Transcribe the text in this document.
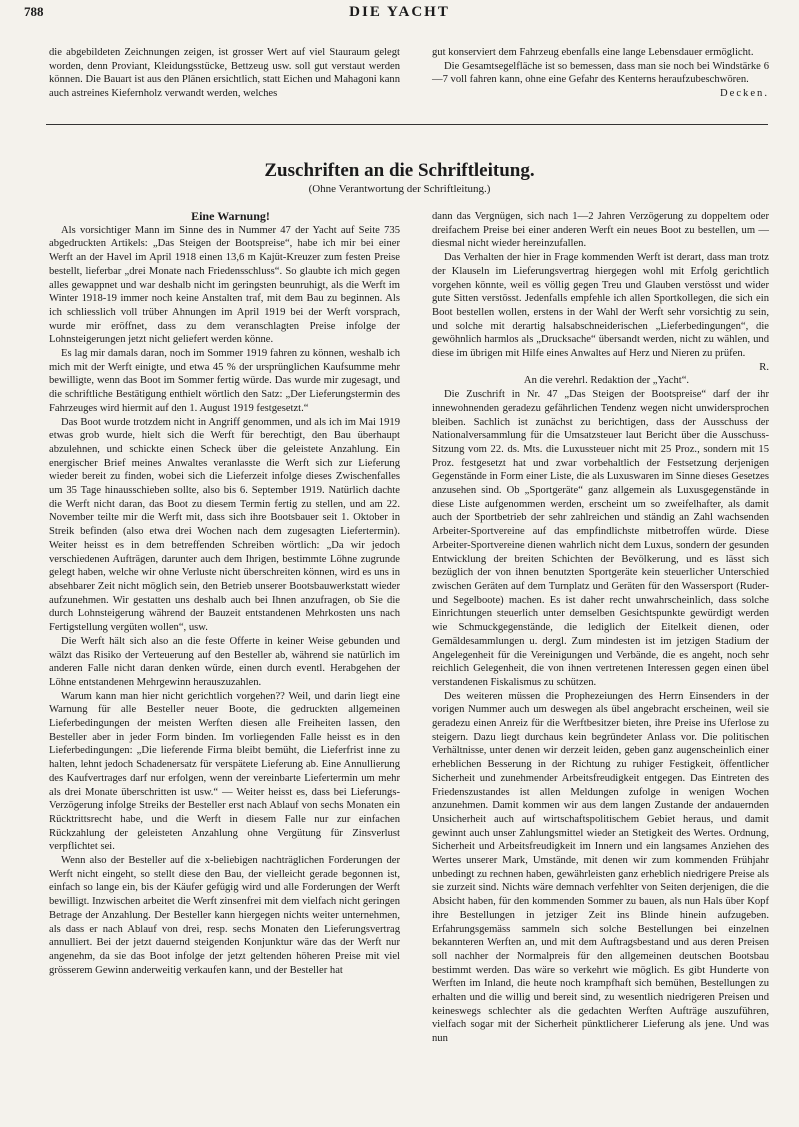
788	DIE YACHT

die abgebildeten Zeichnungen zeigen, ist grosser Wert auf viel Stauraum gelegt worden, denn Proviant, Kleidungsstücke, Bettzeug usw. soll gut verstaut werden können. Die Bauart ist aus den Plänen ersichtlich, statt Eichen und Mahagoni kann auch astreines Kiefernholz verwandt werden, welches

gut konserviert dem Fahrzeug ebenfalls eine lange Lebensdauer ermöglicht.

Die Gesamtsegelfläche ist so bemessen, dass man sie noch bei Windstärke 6—7 voll fahren kann, ohne eine Gefahr des Kenterns heraufzubeschwören.

Decken.

Zuschriften an die Schriftleitung.
(Ohne Verantwortung der Schriftleitung.)

Eine Warnung!

Als vorsichtiger Mann im Sinne des in Nummer 47 der Yacht auf Seite 735 abgedruckten Artikels: „Das Steigen der Bootspreise“, habe ich mir bei einer Werft an der Havel im April 1918 einen 13,6 m Kajüt-Kreuzer zum festen Preise bestellt, lieferbar „drei Monate nach Friedensschluss“. So glaubte ich mich gegen alles gewappnet und war deshalb nicht im geringsten beunruhigt, als die Werft im Winter 1918-19 immer noch keine Anstalten traf, mit dem Bau zu beginnen. Als ich schliesslich voll trüber Ahnungen im April 1919 bei der Werft vorsprach, wurde mir eröffnet, dass zu dem veranschlagten Preise infolge der Lohnsteigerungen jetzt nicht geliefert werden könne.

Es lag mir damals daran, noch im Sommer 1919 fahren zu können, weshalb ich mich mit der Werft einigte, und etwa 45 % der ursprünglichen Kaufsumme mehr bewilligte, wenn das Boot im Sommer fertig würde. Das wurde mir zugesagt, und die schriftliche Bestätigung enthielt wörtlich den Satz: „Der Lieferungstermin des Fahrzeuges wird hiermit auf den 1. August 1919 festgesetzt.“

Das Boot wurde trotzdem nicht in Angriff genommen, und als ich im Mai 1919 etwas grob wurde, hielt sich die Werft für berechtigt, den Bau überhaupt abzulehnen, und schickte einen Scheck über die geleistete Anzahlung. Ein energischer Brief meines Anwaltes veranlasste die Werft sich zur Lieferung wieder bereit zu finden, wobei sich die Lieferzeit infolge dieses Zwischenfalles um 35 Tage hinausschieben sollte, also bis 6. September 1919. Natürlich dachte die Werft nicht daran, das Boot zu diesem Termin fertig zu stellen, und am 22. November teilte mir die Werft mit, dass sich ihre Bootsbauer seit 1. Oktober in Streik befinden (also etwa drei Wochen nach dem zugesagten Liefertermin). Weiter heisst es in dem betreffenden Schreiben wörtlich: „Da wir jedoch verschiedenen Aufträgen, darunter auch dem Ihrigen, bestimmte Löhne zugrunde gelegt haben, welche wir ohne Verluste nicht überschreiten können, wird es uns in absehbarer Zeit nicht möglich sein, den Betrieb unserer Bootsbauwerkstatt wieder aufzunehmen. Wir gestatten uns deshalb auch bei Ihnen anzufragen, ob Sie die durch Lohnsteigerung während der Bauzeit entstandenen Mehrkosten uns nach Fertigstellung vergüten wollen“, usw.

Die Werft hält sich also an die feste Offerte in keiner Weise gebunden und wälzt das Risiko der Verteuerung auf den Besteller ab, während sie natürlich im anderen Falle nicht daran denken würde, einen durch eventl. Herabgehen der Löhne entstandenen Mehrgewinn herauszuzahlen.

Warum kann man hier nicht gerichtlich vorgehen?? Weil, und darin liegt eine Warnung für alle Besteller neuer Boote, die gedruckten allgemeinen Lieferbedingungen der meisten Werften diesen alle Freiheiten lassen, den Besteller aber in jeder Form binden. Im vorliegenden Falle heisst es in den Lieferbedingungen: „Die lieferende Firma bleibt bemüht, die Lieferfrist inne zu halten, lehnt jedoch Schadenersatz für verspätete Lieferung ab. Eine Annullierung des Kaufvertrages darf nur erfolgen, wenn der vereinbarte Liefertermin um mehr als drei Monate überschritten ist usw.“ — Weiter heisst es, dass bei Lieferungs-Verzögerung infolge Streiks der Besteller erst nach Ablauf von sechs Monaten ein Rücktrittsrecht habe, und die Werft in diesem Falle nur zur einfachen Rückzahlung der geleisteten Anzahlung ohne Vergütung für Zinsverlust verpflichtet sei.

Wenn also der Besteller auf die x-beliebigen nachträglichen Forderungen der Werft nicht eingeht, so stellt diese den Bau, der vielleicht gerade begonnen ist, einfach so lange ein, bis der Käufer gefügig wird und alle Forderungen der Werft bewilligt. Inzwischen arbeitet die Werft zinsenfrei mit dem vielfach nicht geringen Betrage der Anzahlung. Der Besteller kann hiergegen nichts weiter unternehmen, als dass er nach Ablauf von drei, resp. sechs Monaten den Lieferungsvertrag annulliert. Bei der jetzt dauernd steigenden Konjunktur wäre das der Werft nur angenehm, da sie das Boot infolge der jetzt geltenden höheren Preise mit viel grösserem Gewinn anderweitig verkaufen kann, und der Besteller hat

dann das Vergnügen, sich nach 1—2 Jahren Verzögerung zu doppeltem oder dreifachem Preise bei einer anderen Werft ein neues Boot zu bestellen, um — diesmal nicht wieder hereinzufallen.

Das Verhalten der hier in Frage kommenden Werft ist derart, dass man trotz der Klauseln im Lieferungsvertrag hiergegen wohl mit Erfolg gerichtlich vorgehen könnte, weil es völlig gegen Treu und Glauben verstösst und wider gute Sitten verstösst. Jedenfalls empfehle ich allen Sportkollegen, die sich ein Boot bestellen wollen, erstens in der Wahl der Werft sehr vorsichtig zu sein, und solche mit derartig halsabschneiderischen „Lieferbedingungen“, die gewöhnlich harmlos als „Drucksache“ übersandt werden, nicht zu wählen, und diese im übrigen mit Hilfe eines Anwaltes auf Herz und Nieren zu prüfen.

R.

An die verehrl. Redaktion der „Yacht“.

Die Zuschrift in Nr. 47 „Das Steigen der Bootspreise“ darf der ihr innewohnenden geradezu gefährlichen Tendenz wegen nicht unwidersprochen bleiben. Sachlich ist zunächst zu berichtigen, dass der Ausschuss der Nationalversammlung für die Umsatzsteuer laut Bericht über die Ausschuss-Sitzung vom 22. ds. Mts. die Luxussteuer nicht mit 25 Proz., sondern mit 15 Proz. festgesetzt hat und zwar vorbehaltlich der Festsetzung derjenigen Gegenstände in Form einer Liste, die als Luxuswaren im Sinne dieses Gesetzes anzusehen sind. Ob „Sportgeräte“ ganz allgemein als Luxusgegenstände in diese Liste aufgenommen werden, erscheint um so zweifelhafter, als damit auch der Sportbetrieb der sehr zahlreichen und ständig an Zahl wachsenden Arbeiter-Sportvereine auf das empfindlichste mitbetroffen würde. Diese Arbeiter-Sportvereine dienen wahrlich nicht dem Luxus, sondern der gesunden Entwicklung der breiten Schichten der Bevölkerung, und es lässt sich bezüglich der von ihnen benutzten Sportgeräte kein steuerlicher Unterschied zwischen Geräten auf dem Turnplatz und Geräten für den Wassersport (Ruder- und Segelboote) machen. Es ist daher recht unwahrscheinlich, dass solche Einrichtungen steuerlich unter demselben Gesichtspunkte gewürdigt werden wie Schmuckgegenstände, die lediglich der Eitelkeit dienen, oder Gemäldesammlungen u. dergl. Zum mindesten ist im jetzigen Stadium der Angelegenheit für die Vereinigungen und Verbände, die es angeht, noch sehr reichlich Gelegenheit, die von ihnen vertretenen Interessen gegen einen übel verstandenen Fiskalismus zu schützen.

Des weiteren müssen die Prophezeiungen des Herrn Einsenders in der vorigen Nummer auch um deswegen als übel angebracht erscheinen, weil sie geradezu einen Anreiz für die Werftbesitzer bieten, ihre Preise ins Uferlose zu steigern. Dazu liegt durchaus kein begründeter Anlass vor. Die politischen Verhältnisse, unter denen wir derzeit leiden, geben ganz augenscheinlich einer erheblichen Besserung in der Richtung zu ruhiger Festigkeit, öffentlicher Sicherheit und zunehmender Arbeitsfreudigkeit entgegen. Das Eintreten des Friedenszustandes ist allen Meldungen zufolge in wenigen Wochen anzunehmen. Damit kommen wir aus dem langen Zustande der andauernden Unsicherheit auch auf wirtschaftspolitischem Gebiet heraus, und damit gewinnt auch unser Zahlungsmittel wieder an Stetigkeit des Wertes. Ordnung, Sicherheit und Arbeitsfreudigkeit im Innern und ein langsames Anziehen des Wertes unserer Mark, Umstände, mit denen wir zum kommenden Frühjahr unbedingt zu rechnen haben, gewährleisten ganz erheblich niedrigere Preise als sie zurzeit sind. Nichts wäre demnach verfehlter von Seiten derjenigen, die die Absicht haben, für den kommenden Sommer zu bauen, als nun Hals über Kopf ihre Bestellungen in jetziger Zeit ins Blinde hinein aufzugeben. Erfahrungsgemäss sammeln sich solche Bestellungen bei einzelnen bekannteren Werften an, und mit dem Auftragsbestand und aus deren Preisen soll nachher der Normalpreis für den allgemeinen deutschen Bootsbau bestimmt werden. Das wäre so verkehrt wie möglich. Es gibt Hunderte von Werften im Inland, die heute noch krampfhaft sich bemühen, Bestellungen zu erhalten und die willig und bereit sind, zu wesentlich niedrigeren Preisen und keineswegs schlechter als die gedachten Werften Aufträge auszuführen, vielfach sogar mit der Sicherheit pünktlicherer Lieferung als jene. Und was nun
